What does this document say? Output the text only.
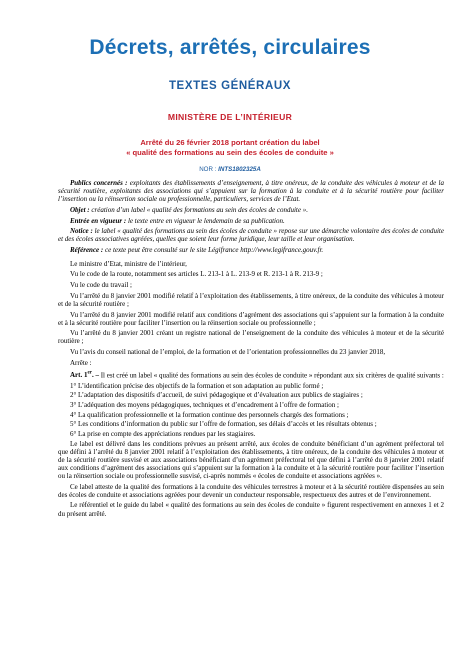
Décrets, arrêtés, circulaires
TEXTES GÉNÉRAUX
MINISTÈRE DE L’INTÉRIEUR
Arrêté du 26 février 2018 portant création du label
« qualité des formations au sein des écoles de conduite »
NOR : INTS1802325A

Publics concernés : exploitants des établissements d’enseignement, à titre onéreux, de la conduite des véhicules à moteur et de la sécurité routière, exploitants des associations qui s’appuient sur la formation à la conduite et à la sécurité routière pour faciliter l’insertion ou la réinsertion sociale ou professionnelle, particuliers, services de l’Etat.

Objet : création d’un label « qualité des formations au sein des écoles de conduite ».

Entrée en vigueur : le texte entre en vigueur le lendemain de sa publication.

Notice : le label « qualité des formations au sein des écoles de conduite » repose sur une démarche volontaire des écoles de conduite et des écoles associatives agréées, quelles que soient leur forme juridique, leur taille et leur organisation.

Référence : ce texte peut être consulté sur le site Légifrance http://www.legifrance.gouv.fr.

Le ministre d’Etat, ministre de l’intérieur,

Vu le code de la route, notamment ses articles L. 213-1 à L. 213-9 et R. 213-1 à R. 213-9 ;

Vu le code du travail ;

Vu l’arrêté du 8 janvier 2001 modifié relatif à l’exploitation des établissements, à titre onéreux, de la conduite des véhicules à moteur et de la sécurité routière ;

Vu l’arrêté du 8 janvier 2001 modifié relatif aux conditions d’agrément des associations qui s’appuient sur la formation à la conduite et à la sécurité routière pour faciliter l’insertion ou la réinsertion sociale ou professionnelle ;

Vu l’arrêté du 8 janvier 2001 créant un registre national de l’enseignement de la conduite des véhicules à moteur et de la sécurité routière ;

Vu l’avis du conseil national de l’emploi, de la formation et de l’orientation professionnelles du 23 janvier 2018,

Arrête :

Art. 1er. – Il est créé un label « qualité des formations au sein des écoles de conduite » répondant aux six critères de qualité suivants :

1° L’identification précise des objectifs de la formation et son adaptation au public formé ;

2° L’adaptation des dispositifs d’accueil, de suivi pédagogique et d’évaluation aux publics de stagiaires ;

3° L’adéquation des moyens pédagogiques, techniques et d’encadrement à l’offre de formation ;

4° La qualification professionnelle et la formation continue des personnels chargés des formations ;

5° Les conditions d’information du public sur l’offre de formation, ses délais d’accès et les résultats obtenus ;

6° La prise en compte des appréciations rendues par les stagiaires.

Le label est délivré dans les conditions prévues au présent arrêté, aux écoles de conduite bénéficiant d’un agrément préfectoral tel que défini à l’arrêté du 8 janvier 2001 relatif à l’exploitation des établissements, à titre onéreux, de la conduite des véhicules à moteur et de la sécurité routière susvisé et aux associations bénéficiant d’un agrément préfectoral tel que défini à l’arrêté du 8 janvier 2001 relatif aux conditions d’agrément des associations qui s’appuient sur la formation à la conduite et à la sécurité routière pour faciliter l’insertion ou la réinsertion sociale ou professionnelle susvisé, ci-après nommés « écoles de conduite et associations agréées ».

Ce label atteste de la qualité des formations à la conduite des véhicules terrestres à moteur et à la sécurité routière dispensées au sein des écoles de conduite et associations agréées pour devenir un conducteur responsable, respectueux des autres et de l’environnement.

Le référentiel et le guide du label « qualité des formations au sein des écoles de conduite » figurent respectivement en annexes 1 et 2 du présent arrêté.
